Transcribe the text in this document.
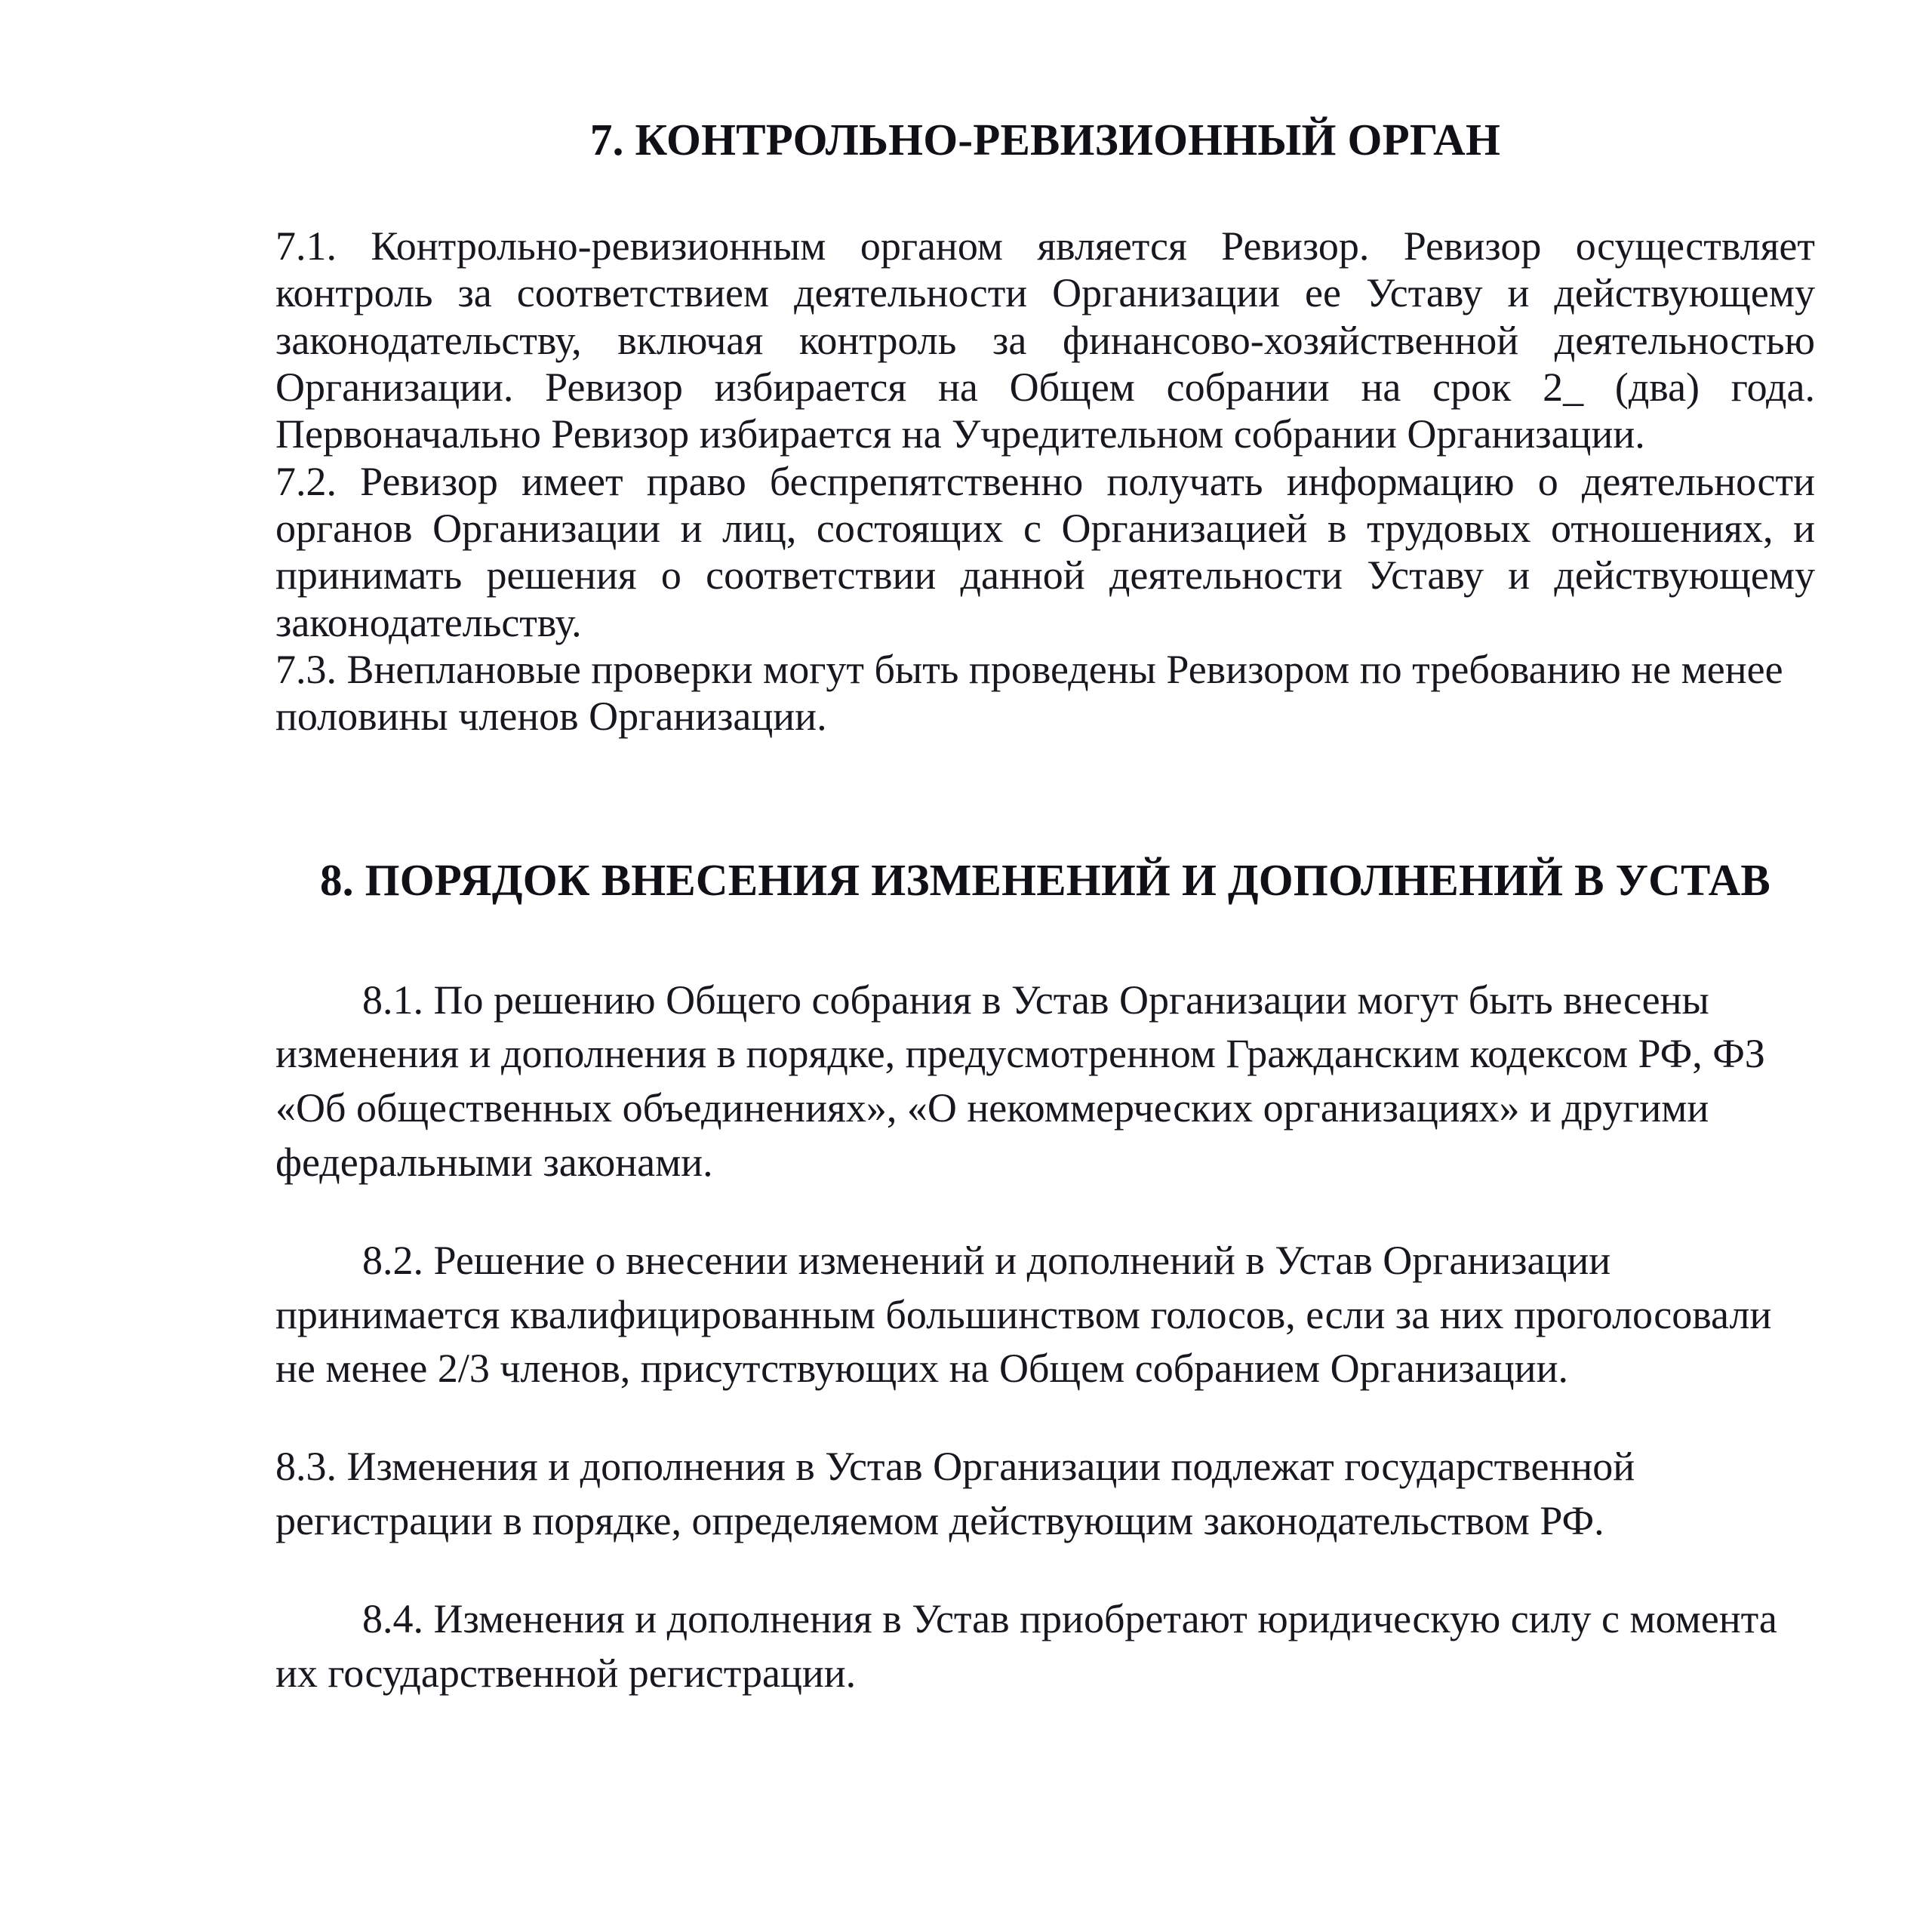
7. КОНТРОЛЬНО-РЕВИЗИОННЫЙ ОРГАН

7.1. Контрольно-ревизионным органом является Ревизор. Ревизор осуществляет контроль за соответствием деятельности Организации ее Уставу и действующему законодательству, включая контроль за финансово-хозяйственной деятельностью Организации. Ревизор избирается на Общем собрании на срок 2_ (два) года. Первоначально Ревизор избирается на Учредительном собрании Организации.

7.2. Ревизор имеет право беспрепятственно получать информацию о деятельности органов Организации и лиц, состоящих с Организацией в трудовых отношениях, и принимать решения о соответствии данной деятельности Уставу и действующему законодательству.

7.3. Внеплановые проверки могут быть проведены Ревизором по требованию не менее половины членов Организации.

8. ПОРЯДОК ВНЕСЕНИЯ ИЗМЕНЕНИЙ И ДОПОЛНЕНИЙ В УСТАВ

8.1. По решению Общего собрания в Устав Организации могут быть внесены изменения и дополнения в порядке, предусмотренном Гражданским кодексом РФ, ФЗ «Об общественных объединениях», «О некоммерческих организациях» и другими федеральными законами.

8.2. Решение о внесении изменений и дополнений в Устав Организации принимается квалифицированным большинством голосов, если за них проголосовали не менее 2/3 членов, присутствующих на Общем собранием Организации.

8.3. Изменения и дополнения в Устав Организации подлежат государственной регистрации в порядке, определяемом действующим законодательством РФ.

8.4. Изменения и дополнения в Устав приобретают юридическую силу с момента их государственной регистрации.
